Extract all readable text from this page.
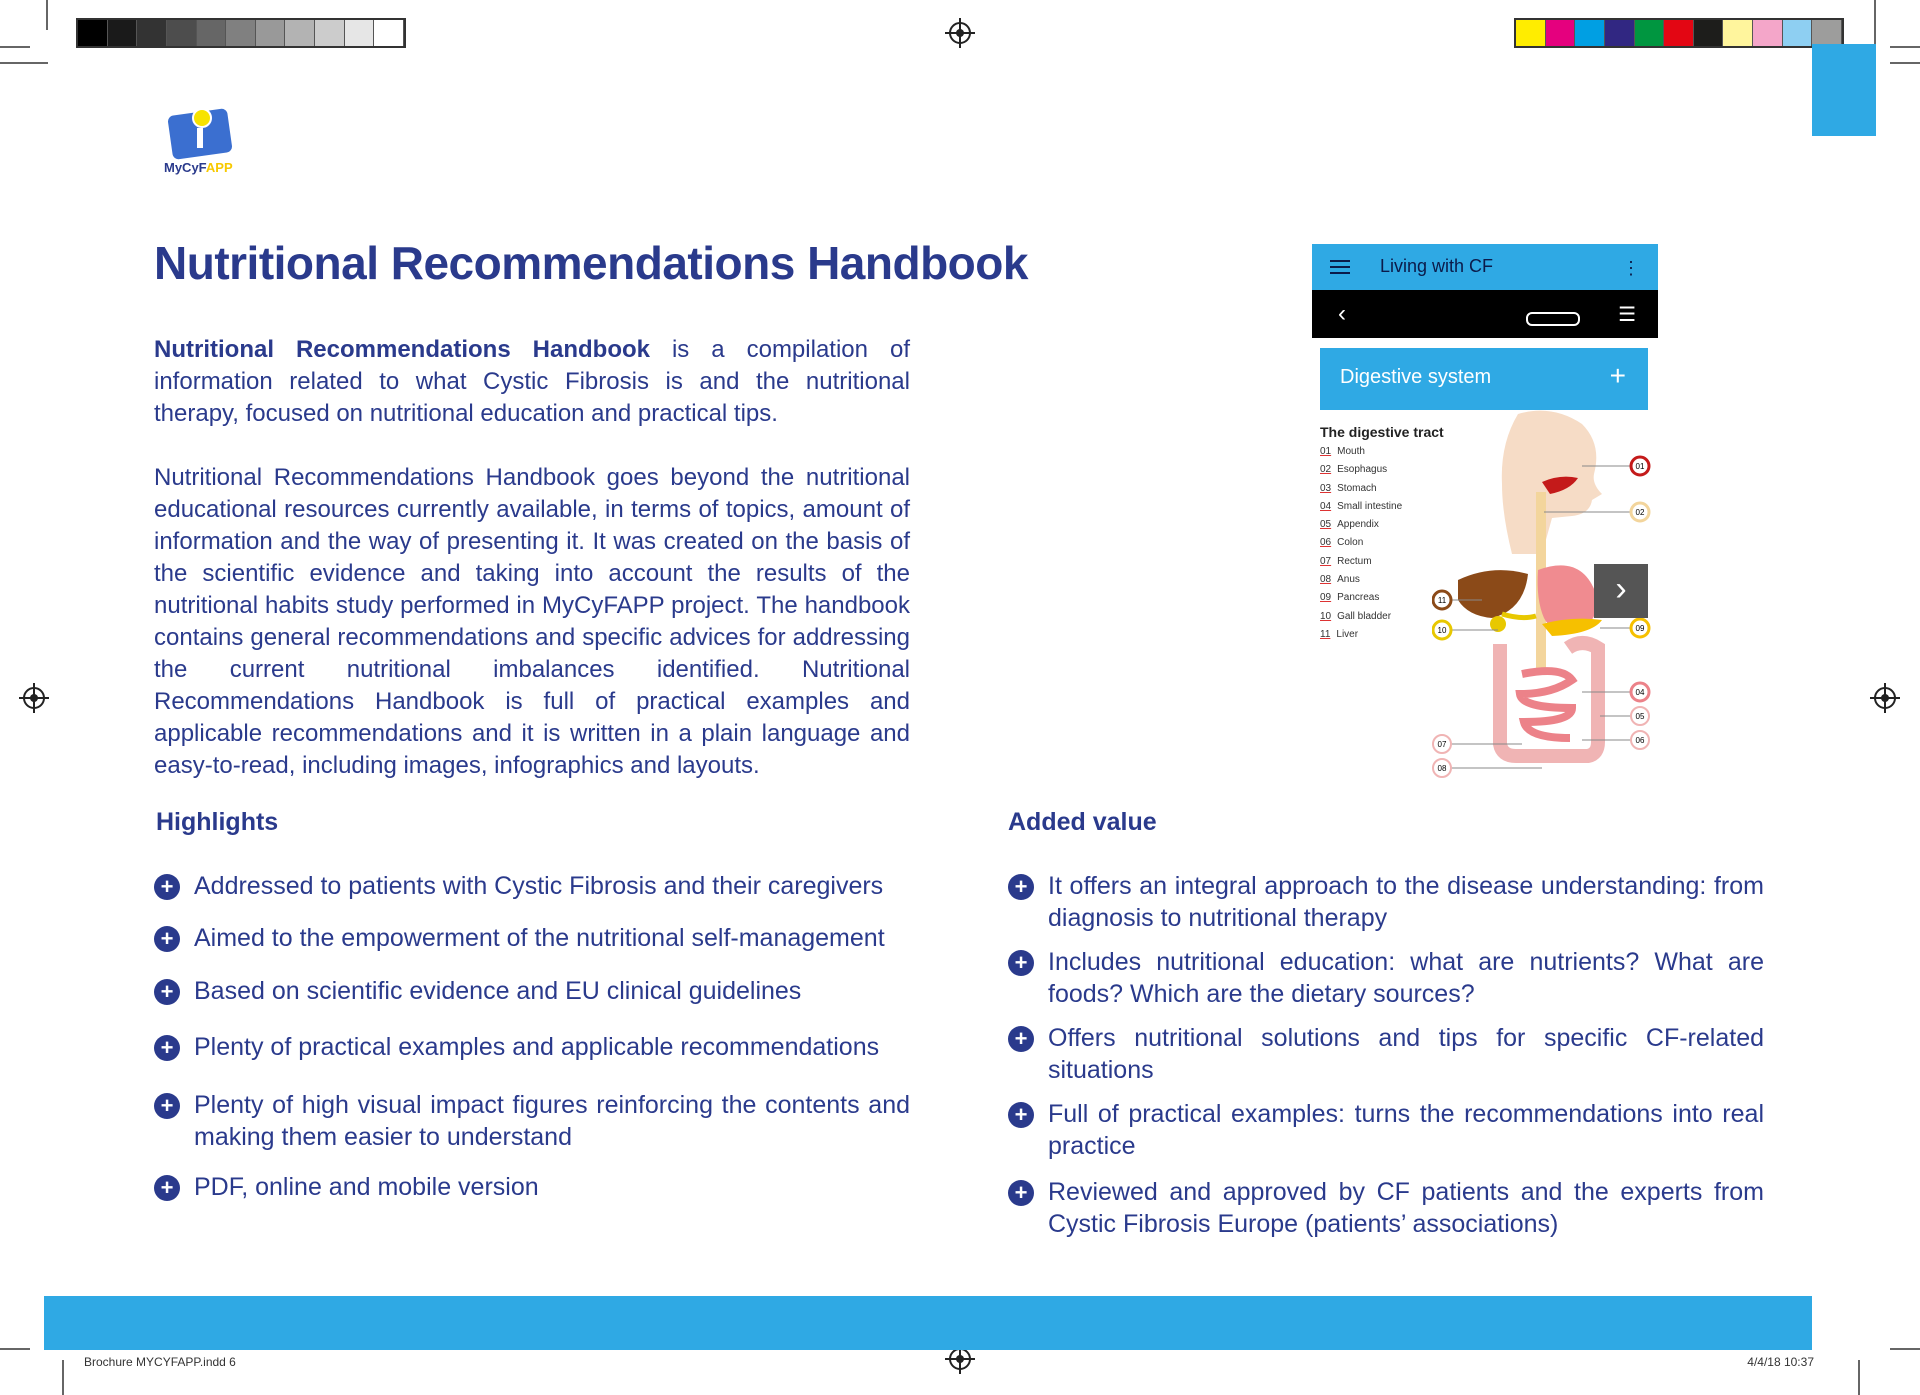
MyCyFAPP
Nutritional Recommendations Handbook

Nutritional Recommendations Handbook is a compilation of information related to what Cystic Fibrosis is and the nutritional therapy, focused on nutritional education and practical tips.

Nutritional Recommendations Handbook goes beyond the nutritional educational resources currently available, in terms of topics, amount of information and the way of presenting it. It was created on the basis of the scientific evidence and taking into account the results of the nutritional habits study performed in MyCyFAPP project. The handbook contains general recommendations and specific advices for addressing the current nutritional imbalances identified. Nutritional Recommendations Handbook is full of practical examples and applicable recommendations and it is written in a plain language and easy-to-read, including images, infographics and layouts.

Living with CF	⋮
‹	☰
Digestive system	+
The digestive tract
01 Mouth
02 Esophagus
03 Stomach
04 Small intestine
05 Appendix
06 Colon
07 Rectum
08 Anus
09 Pancreas
10 Gall bladder
11 Liver
01
02
11
10	09
04
05
06
07
08
›
Highlights
+ Addressed to patients with Cystic Fibrosis and their caregivers
+ Aimed to the empowerment of the nutritional self-management
+ Based on scientific evidence and EU clinical guidelines
+ Plenty of practical examples and applicable recommendations
+ Plenty of high visual impact figures reinforcing the contents and making them easier to understand
+ PDF, online and mobile version
Added value
+ It offers an integral approach to the disease understanding: from diagnosis to nutritional therapy
+ Includes nutritional education: what are nutrients? What are foods? Which are the dietary sources?
+ Offers nutritional solutions and tips for specific CF-related situations
+ Full of practical examples: turns the recommendations into real practice
+ Reviewed and approved by CF patients and the experts from Cystic Fibrosis Europe (patients’ associations)
Brochure MYCYFAPP.indd 6	4/4/18 10:37
